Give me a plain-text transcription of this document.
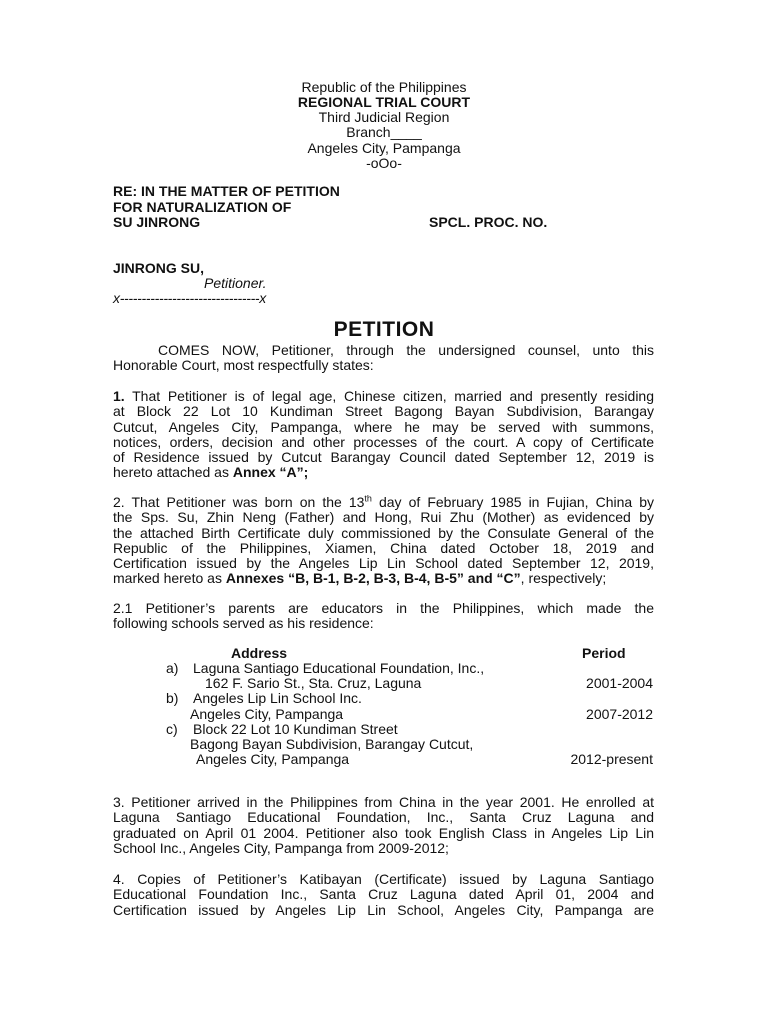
Republic of the Philippines
REGIONAL TRIAL COURT
Third Judicial Region
Branch____
Angeles City, Pampanga
-oOo-
RE: IN THE MATTER OF PETITION
FOR NATURALIZATION OF
SU JINRONG	SPCL. PROC. NO.
JINRONG SU,
Petitioner.
x--------------------------------x
PETITION
COMES NOW, Petitioner, through the undersigned counsel, unto this
Honorable Court, most respectfully states:
1. That Petitioner is of legal age, Chinese citizen, married and presently residing
at Block 22 Lot 10 Kundiman Street Bagong Bayan Subdivision, Barangay
Cutcut, Angeles City, Pampanga, where he may be served with summons,
notices, orders, decision and other processes of the court. A copy of Certificate
of Residence issued by Cutcut Barangay Council dated September 12, 2019 is
hereto attached as Annex “A”;
2. That Petitioner was born on the 13th day of February 1985 in Fujian, China by
the Sps. Su, Zhin Neng (Father) and Hong, Rui Zhu (Mother) as evidenced by
the attached Birth Certificate duly commissioned by the Consulate General of the
Republic of the Philippines, Xiamen, China dated October 18, 2019 and
Certification issued by the Angeles Lip Lin School dated September 12, 2019,
marked hereto as Annexes “B, B-1, B-2, B-3, B-4, B-5” and “C”, respectively;
2.1 Petitioner’s parents are educators in the Philippines, which made the
following schools served as his residence:
Address	Period
a) Laguna Santiago Educational Foundation, Inc.,
162 F. Sario St., Sta. Cruz, Laguna	2001-2004
b) Angeles Lip Lin School Inc.
Angeles City, Pampanga	2007-2012
c) Block 22 Lot 10 Kundiman Street
Bagong Bayan Subdivision, Barangay Cutcut,
Angeles City, Pampanga	2012-present
3. Petitioner arrived in the Philippines from China in the year 2001. He enrolled at
Laguna Santiago Educational Foundation, Inc., Santa Cruz Laguna and
graduated on April 01 2004. Petitioner also took English Class in Angeles Lip Lin
School Inc., Angeles City, Pampanga from 2009-2012;
4. Copies of Petitioner’s Katibayan (Certificate) issued by Laguna Santiago
Educational Foundation Inc., Santa Cruz Laguna dated April 01, 2004 and
Certification issued by Angeles Lip Lin School, Angeles City, Pampanga are
